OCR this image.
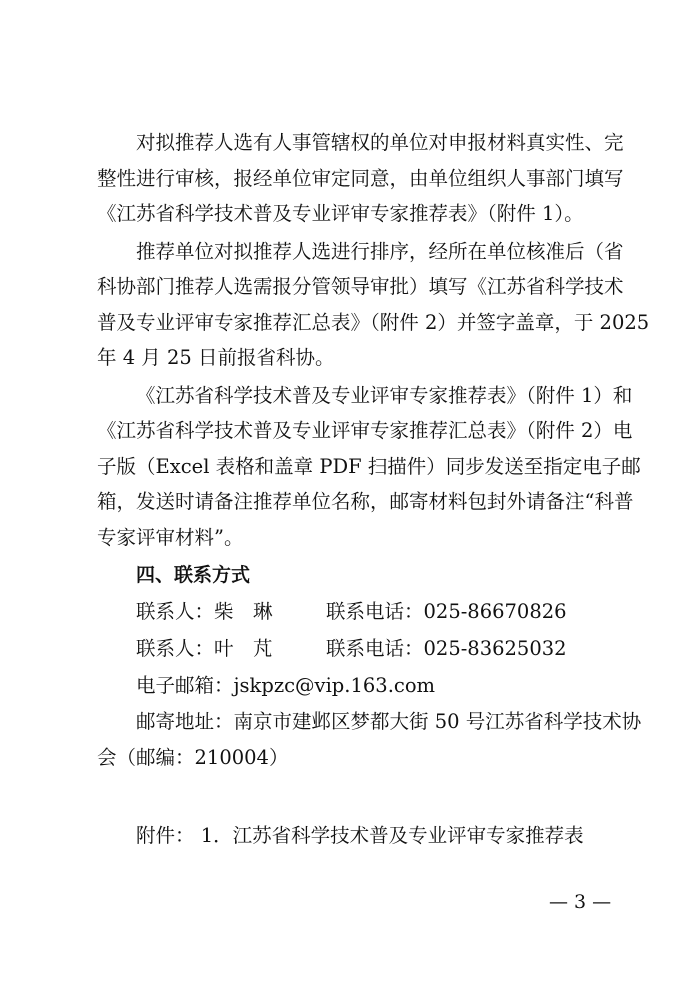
对拟推荐人选有人事管辖权的单位对申报材料真实性、完
整性进行审核，报经单位审定同意，由单位组织人事部门填写
《江苏省科学技术普及专业评审专家推荐表》（附件 1）。

推荐单位对拟推荐人选进行排序，经所在单位核准后（省
科协部门推荐人选需报分管领导审批）填写《江苏省科学技术
普及专业评审专家推荐汇总表》（附件 2）并签字盖章，于 2025
年 4 月 25 日前报省科协。

《江苏省科学技术普及专业评审专家推荐表》（附件 1）和
《江苏省科学技术普及专业评审专家推荐汇总表》（附件 2）电
子版（Excel 表格和盖章 PDF 扫描件）同步发送至指定电子邮
箱，发送时请备注推荐单位名称，邮寄材料包封外请备注“科普
专家评审材料”。

四、联系方式
联系人：柴　琳	联系电话：025-86670826
联系人：叶　芃	联系电话：025-83625032
电子邮箱：jskpzc@vip.163.com

邮寄地址：南京市建邺区梦都大街 50 号江苏省科学技术协
会（邮编：210004）

附件： 1．江苏省科学技术普及专业评审专家推荐表
— 3 —
